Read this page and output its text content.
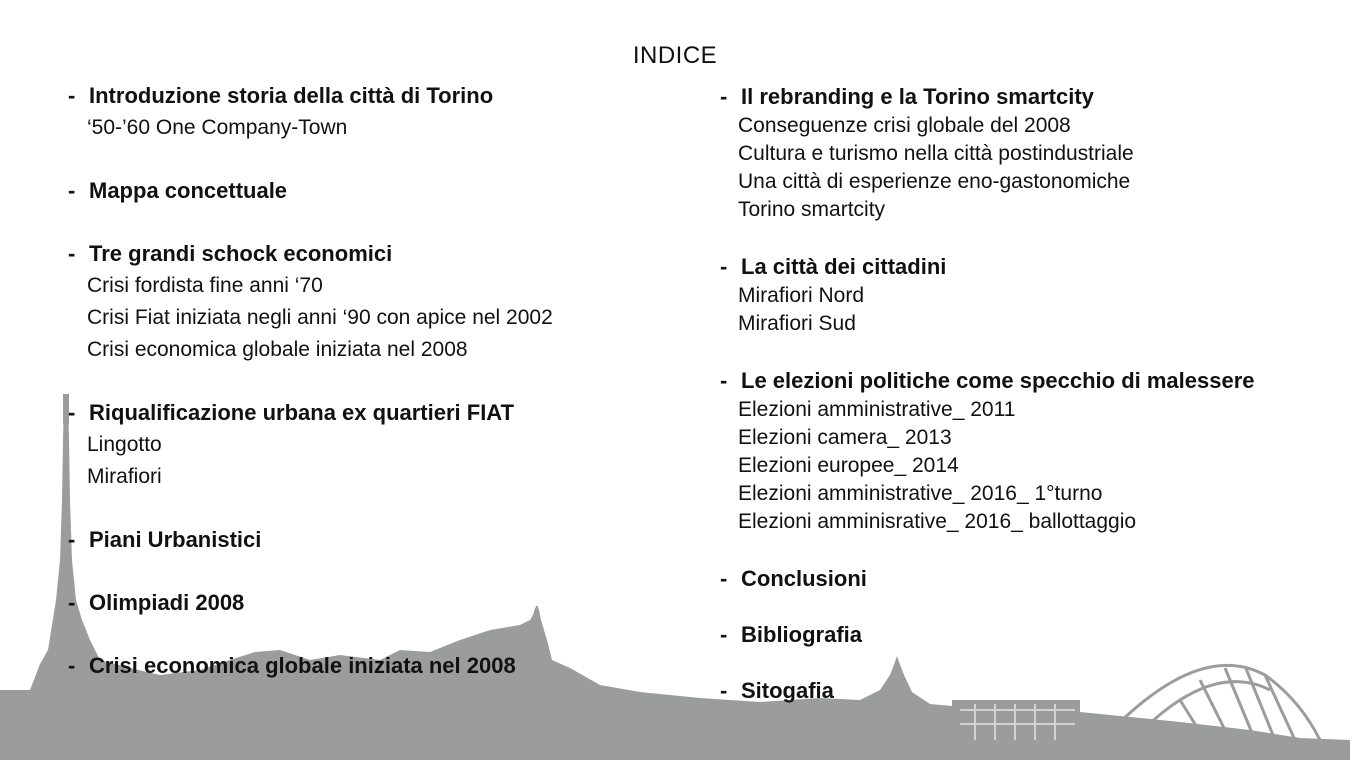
INDICE
- Introduzione storia della città di Torino
‘50-’60 One Company-Town
- Mappa concettuale
- Tre grandi schock economici
Crisi fordista fine anni ‘70
Crisi Fiat iniziata negli anni ‘90 con apice nel 2002
Crisi economica globale iniziata nel 2008
- Riqualificazione urbana ex quartieri FIAT
Lingotto
Mirafiori
- Piani Urbanistici
- Olimpiadi 2008
- Crisi economica globale iniziata nel 2008
- Il rebranding e la Torino smartcity
Conseguenze crisi globale del 2008
Cultura e turismo nella città postindustriale
Una città di esperienze eno-gastonomiche
Torino smartcity
- La città dei cittadini
Mirafiori Nord
Mirafiori Sud
- Le elezioni politiche come specchio di malessere
Elezioni amministrative_ 2011
Elezioni camera_ 2013
Elezioni europee_ 2014
Elezioni amministrative_ 2016_ 1°turno
Elezioni amminisrative_ 2016_ ballottaggio
- Conclusioni
- Bibliografia
- Sitogafia
